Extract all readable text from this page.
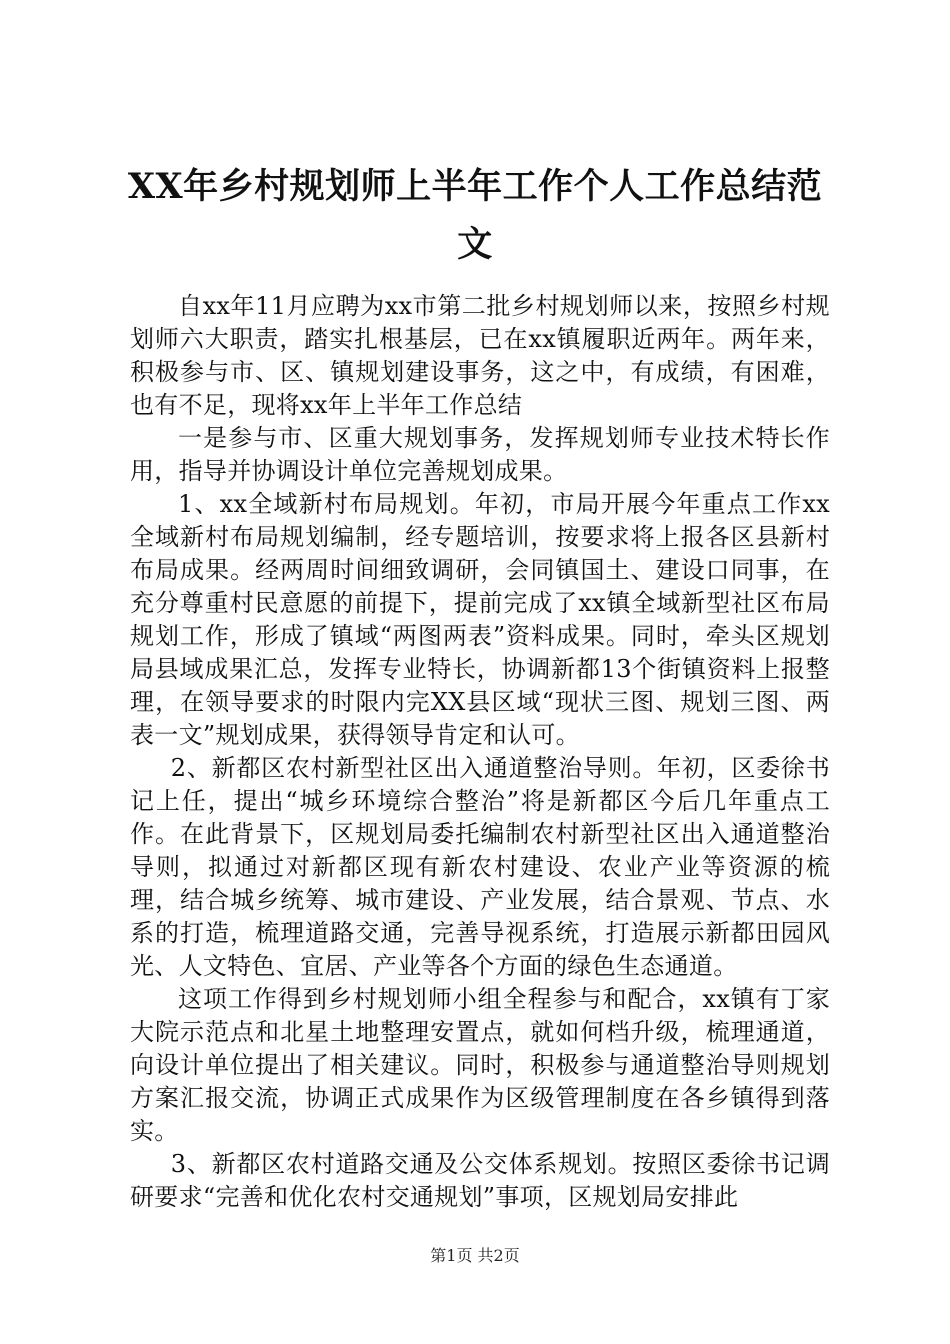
XX年乡村规划师上半年工作个人工作总结范文

自xx年11月应聘为xx市第二批乡村规划师以来，按照乡村规划师六大职责，踏实扎根基层，已在xx镇履职近两年。两年来，积极参与市、区、镇规划建设事务，这之中，有成绩，有困难，也有不足，现将xx年上半年工作总结

一是参与市、区重大规划事务，发挥规划师专业技术特长作用，指导并协调设计单位完善规划成果。

1、xx全域新村布局规划。年初，市局开展今年重点工作xx全域新村布局规划编制，经专题培训，按要求将上报各区县新村布局成果。经两周时间细致调研，会同镇国土、建设口同事，在充分尊重村民意愿的前提下，提前完成了xx镇全域新型社区布局规划工作，形成了镇域“两图两表”资料成果。同时，牵头区规划局县域成果汇总，发挥专业特长，协调新都13个街镇资料上报整理，在领导要求的时限内完XX县区域“现状三图、规划三图、两表一文”规划成果，获得领导肯定和认可。

2、新都区农村新型社区出入通道整治导则。年初，区委徐书记上任，提出“城乡环境综合整治”将是新都区今后几年重点工作。在此背景下，区规划局委托编制农村新型社区出入通道整治导则，拟通过对新都区现有新农村建设、农业产业等资源的梳理，结合城乡统筹、城市建设、产业发展，结合景观、节点、水系的打造，梳理道路交通，完善导视系统，打造展示新都田园风光、人文特色、宜居、产业等各个方面的绿色生态通道。

这项工作得到乡村规划师小组全程参与和配合，xx镇有丁家大院示范点和北星土地整理安置点，就如何档升级，梳理通道，向设计单位提出了相关建议。同时，积极参与通道整治导则规划方案汇报交流，协调正式成果作为区级管理制度在各乡镇得到落实。

3、新都区农村道路交通及公交体系规划。按照区委徐书记调研要求“完善和优化农村交通规划”事项，区规划局安排此

第1页 共2页
